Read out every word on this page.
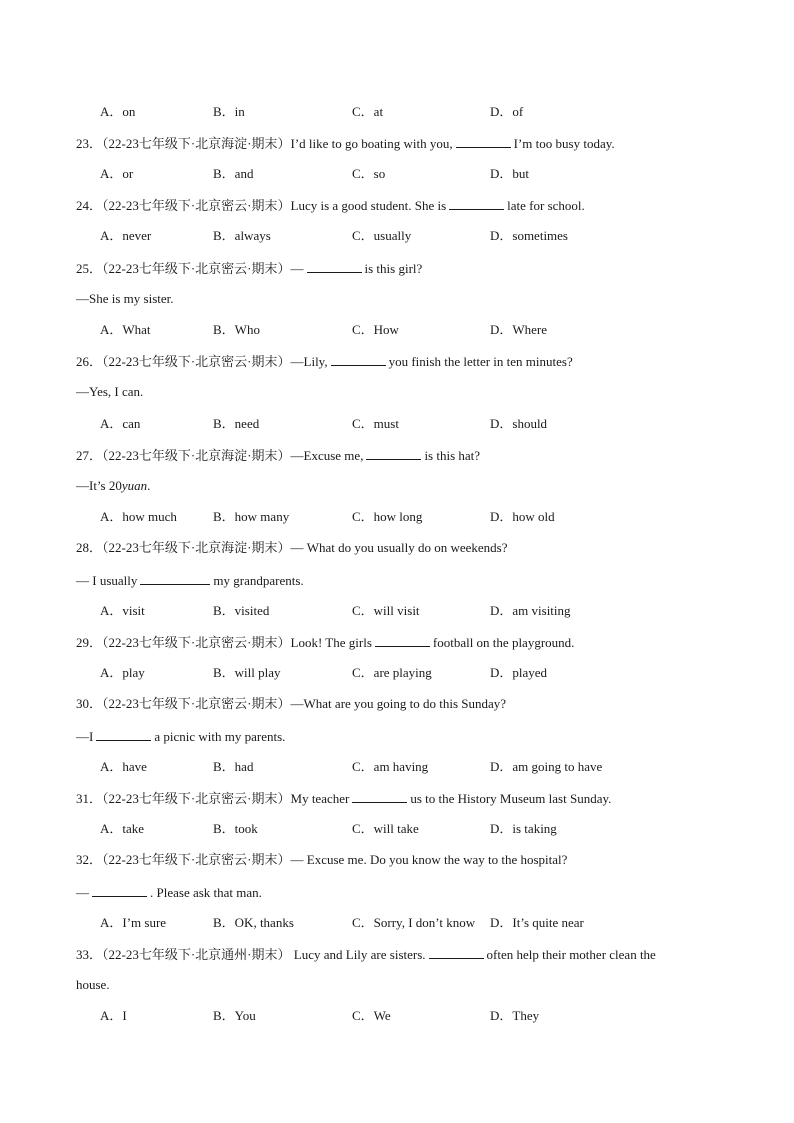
A．on	B．in	C．at	D．of
23．（22-23七年级下·北京海淀·期末）I’d like to go boating with you,	I’m too busy today.
A．or	B．and	C．so	D．but
24．（22-23七年级下·北京密云·期末）Lucy is a good student. She is	late for school.
A．never	B．always	C．usually	D．sometimes
25．（22-23七年级下·北京密云·期末）—	is this girl?
—She is my sister.
A．What	B．Who	C．How	D．Where
26．（22-23七年级下·北京密云·期末）—Lily,	you finish the letter in ten minutes?
—Yes, I can.
A．can	B．need	C．must	D．should
27．（22-23七年级下·北京海淀·期末）—Excuse me,	is this hat?
—It’s 20yuan.
A．how much	B．how many	C．how long	D．how old
28．（22-23七年级下·北京海淀·期末）— What do you usually do on weekends?
— I usually	my grandparents.
A．visit	B．visited	C．will visit	D．am visiting
29．（22-23七年级下·北京密云·期末）Look! The girls	football on the playground.
A．play	B．will play	C．are playing	D．played
30．（22-23七年级下·北京密云·期末）—What are you going to do this Sunday?
—I	a picnic with my parents.
A．have	B．had	C．am having	D．am going to have
31．（22-23七年级下·北京密云·期末）My teacher	us to the History Museum last Sunday.
A．take	B．took	C．will take	D．is taking
32．（22-23七年级下·北京密云·期末）— Excuse me. Do you know the way to the hospital?
—	. Please ask that man.
A．I’m sure	B．OK, thanks	C．Sorry, I don’t know D．It’s quite near
33．（22-23七年级下·北京通州·期末） Lucy and Lily are sisters.	often help their mother clean the
house.
A．I	B．You	C．We	D．They
